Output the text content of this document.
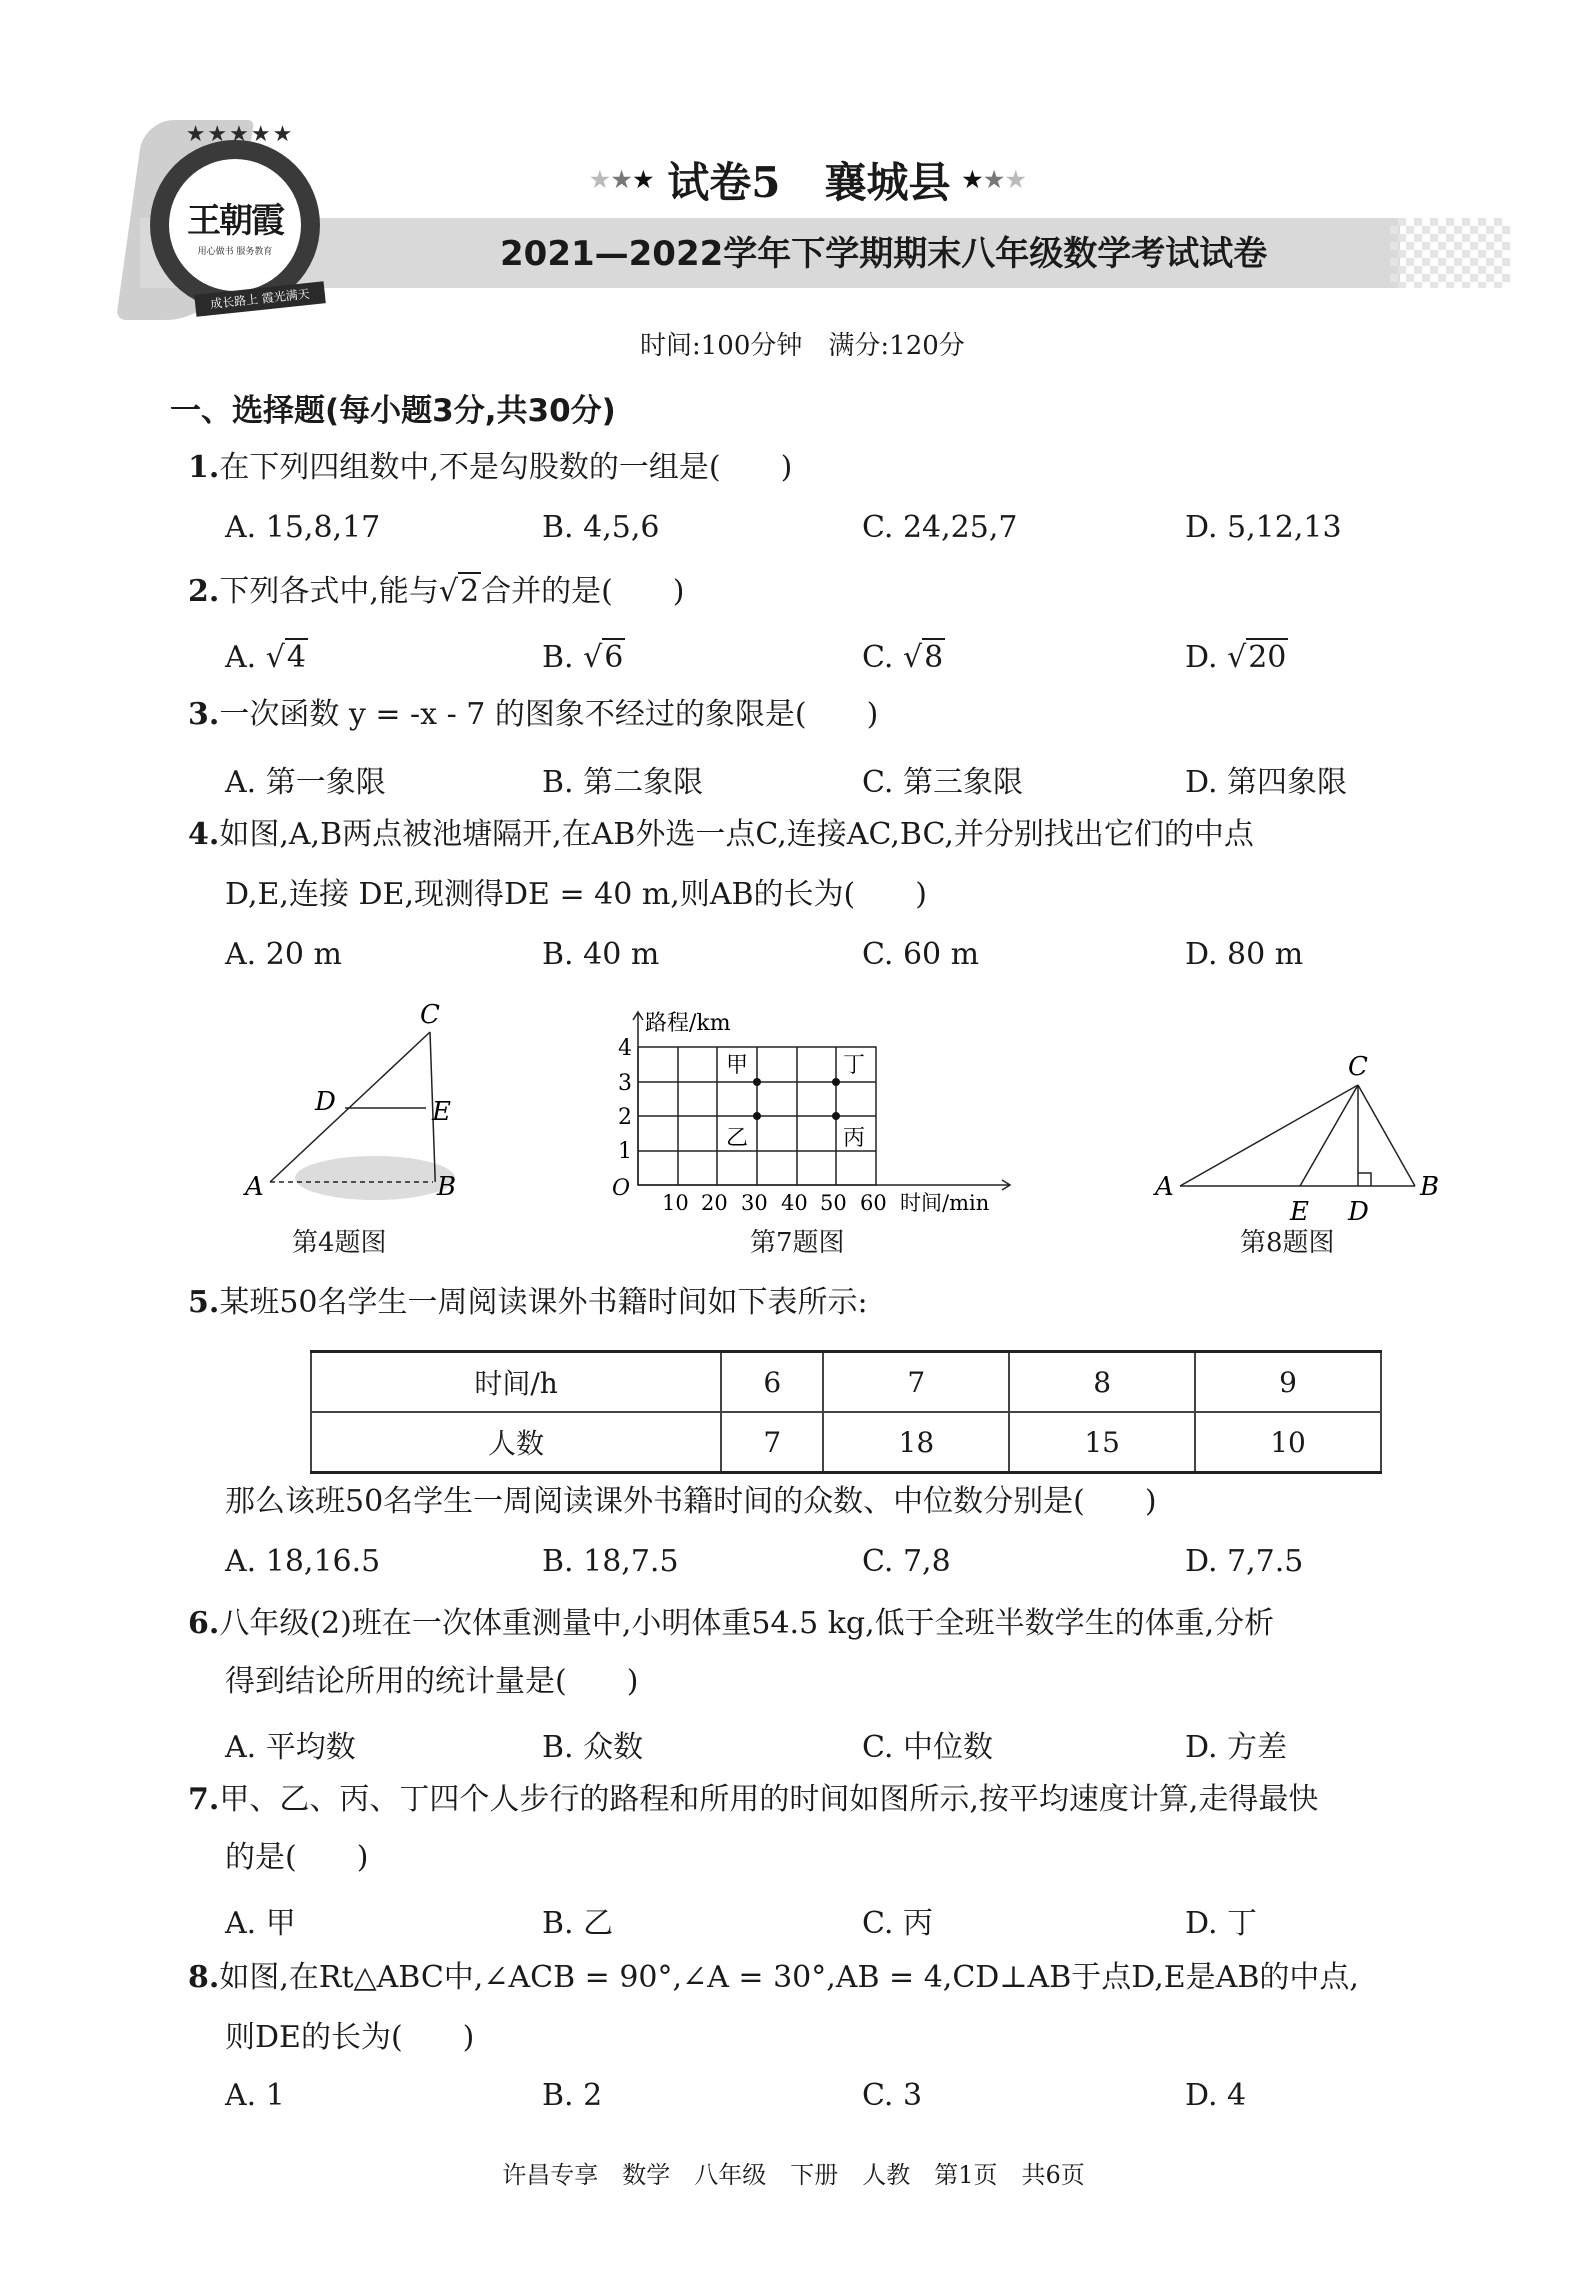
王朝霞
用心做书 服务教育
★★★★★
成长路上 霞光满天
★★★ 试卷5 襄城县 ★★★
2021—2022学年下学期期末八年级数学考试试卷
时间:100分钟　满分:120分
一、选择题(每小题3分,共30分)
1.在下列四组数中,不是勾股数的一组是(　　)
A. 15,8,17	B. 4,5,6	C. 24,25,7	D. 5,12,13
2.下列各式中,能与√2合并的是(　　)
A. √4	B. √6	C. √8	D. √20
3.一次函数 y = -x - 7 的图象不经过的象限是(　　)
A. 第一象限	B. 第二象限	C. 第三象限	D. 第四象限
4.如图,A,B两点被池塘隔开,在AB外选一点C,连接AC,BC,并分别找出它们的中点
D,E,连接 DE,现测得DE = 40 m,则AB的长为(　　)
A. 20 m	B. 40 m	C. 60 m	D. 80 m
C
D	E
A	B
第4题图
路程/km
4
3
2
1
O
10 20 30 40 50 60 时间/min
甲
乙
丁
丙
第7题图
C
A	B
E D
第8题图
5.某班50名学生一周阅读课外书籍时间如下表所示:
时间/h	6	7	8	9
人数	7	18	15	10
那么该班50名学生一周阅读课外书籍时间的众数、中位数分别是(　　)
A. 18,16.5	B. 18,7.5	C. 7,8	D. 7,7.5
6.八年级(2)班在一次体重测量中,小明体重54.5 kg,低于全班半数学生的体重,分析
得到结论所用的统计量是(　　)
A. 平均数	B. 众数	C. 中位数	D. 方差
7.甲、乙、丙、丁四个人步行的路程和所用的时间如图所示,按平均速度计算,走得最快
的是(　　)
A. 甲	B. 乙	C. 丙	D. 丁
8.如图,在Rt△ABC中,∠ACB = 90°,∠A = 30°,AB = 4,CD⊥AB于点D,E是AB的中点,
则DE的长为(　　)
A. 1	B. 2	C. 3	D. 4
许昌专享　数学　八年级　下册　人教　第1页　共6页
